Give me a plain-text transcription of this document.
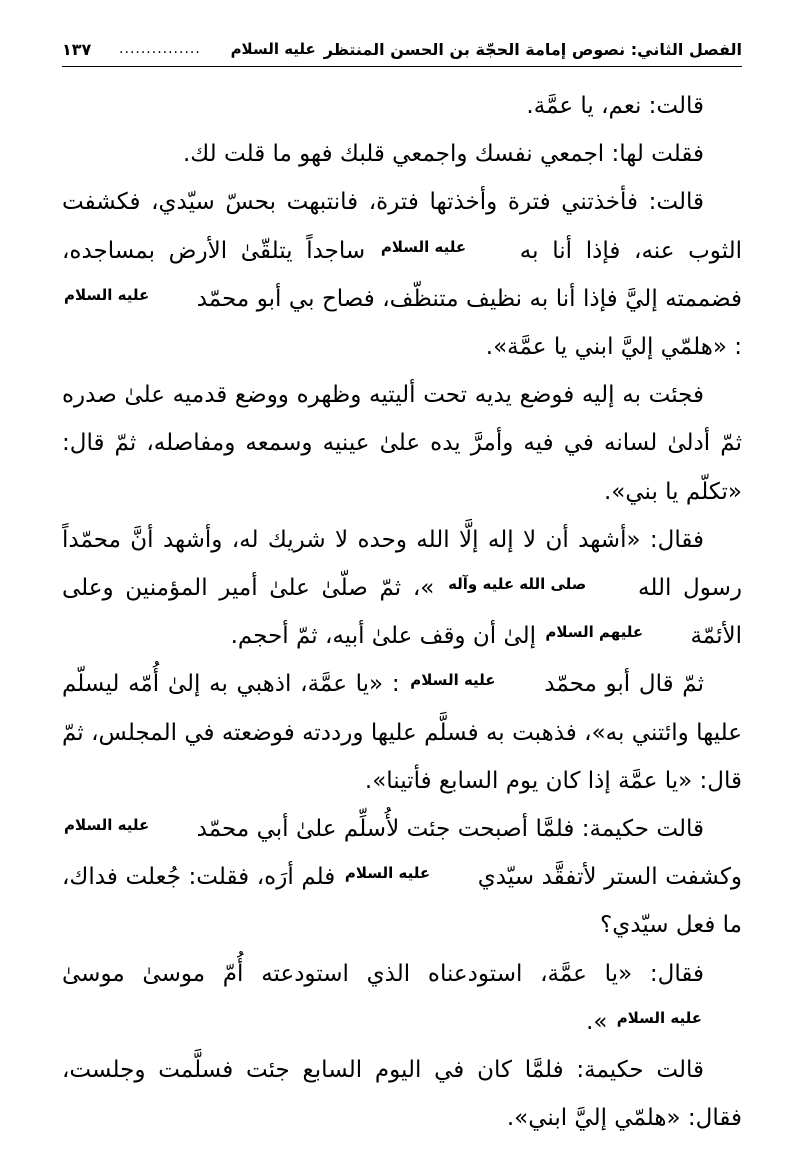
الفصل الثاني: نصوص إمامة الحجّة بن الحسن المنتظر
عليه السلام
...............
١٣٧

قالت: نعم، يا عمَّة.

فقلت لها: اجمعي نفسك واجمعي قلبك فهو ما قلت لك.

قالت: فأخذتني فترة وأخذتها فترة، فانتبهت بحسّ سيّدي، فكشفت الثوب عنه، فإذا أنا به عليه السلام ساجداً يتلقّىٰ الأرض بمساجده، فضممته إليَّ فإذا أنا به نظيف متنظّف، فصاح بي أبو محمّد عليه السلام : «هلمّي إليَّ ابني يا عمَّة».

فجئت به إليه فوضع يديه تحت أليتيه وظهره ووضع قدميه علىٰ صدره ثمّ أدلىٰ لسانه في فيه وأمرَّ يده علىٰ عينيه وسمعه ومفاصله، ثمّ قال: «تكلّم يا بني».

فقال: «أشهد أن لا إله إلَّا الله وحده لا شريك له، وأشهد أنَّ محمّداً رسول الله صلى الله عليه وآله »، ثمّ صلّىٰ علىٰ أمير المؤمنين وعلى الأئمّة عليهم السلام إلىٰ أن وقف علىٰ أبيه، ثمّ أحجم.

ثمّ قال أبو محمّد عليه السلام : «يا عمَّة، اذهبي به إلىٰ أُمّه ليسلّم عليها وائتني به»، فذهبت به فسلَّم عليها ورددته فوضعته في المجلس، ثمّ قال: «يا عمَّة إذا كان يوم السابع فأتينا».

قالت حكيمة: فلمَّا أصبحت جئت لأُسلِّم علىٰ أبي محمّد عليه السلام وكشفت الستر لأتفقَّد سيّدي عليه السلام فلم أرَه، فقلت: جُعلت فداك، ما فعل سيّدي؟

فقال: «يا عمَّة، استودعناه الذي استودعته أُمّ موسىٰ موسىٰ عليه السلام ».

قالت حكيمة: فلمَّا كان في اليوم السابع جئت فسلَّمت وجلست، فقال: «هلمّي إليَّ ابني».
